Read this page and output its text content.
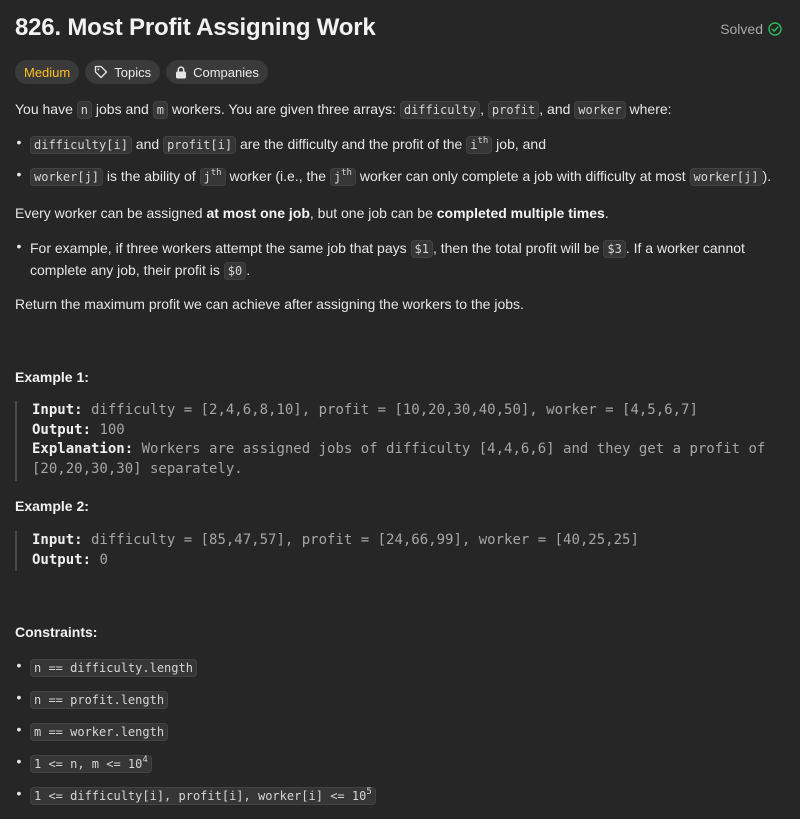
826. Most Profit Assigning Work	Solved
Medium	Topics	Companies
You have n jobs and m workers. You are given three arrays: difficulty , profit , and worker where:
•	difficulty[i] and profit[i] are the difficulty and the profit of the $i^{th}$ job, and
•	worker[j] is the ability of $j^{th}$ worker (i.e., the $j^{th}$ worker can only complete a job with difficulty at most worker[j] ).
Every worker can be assigned at most one job, but one job can be completed multiple times.
• For example, if three workers attempt the same job that pays $1 , then the total profit will be $3 . If a worker cannot
complete any job, their profit is $0 .
Return the maximum profit we can achieve after assigning the workers to the jobs.
Example 1:
Input: difficulty = [2,4,6,8,10], profit = [10,20,30,40,50], worker = [4,5,6,7]
Output: 100
Explanation: Workers are assigned jobs of difficulty [4,4,6,6] and they get a profit of
[20,20,30,30] separately.
Example 2:
Input: difficulty = [85,47,57], profit = [24,66,99], worker = [40,25,25]
Output: 0
Constraints:
•	n == difficulty.length
•	n == profit.length
•	m == worker.length
•	1 <= n, $m <= 10^4$
•	1 <= difficulty[i], profit[i], worker[i] <= $10^5$
